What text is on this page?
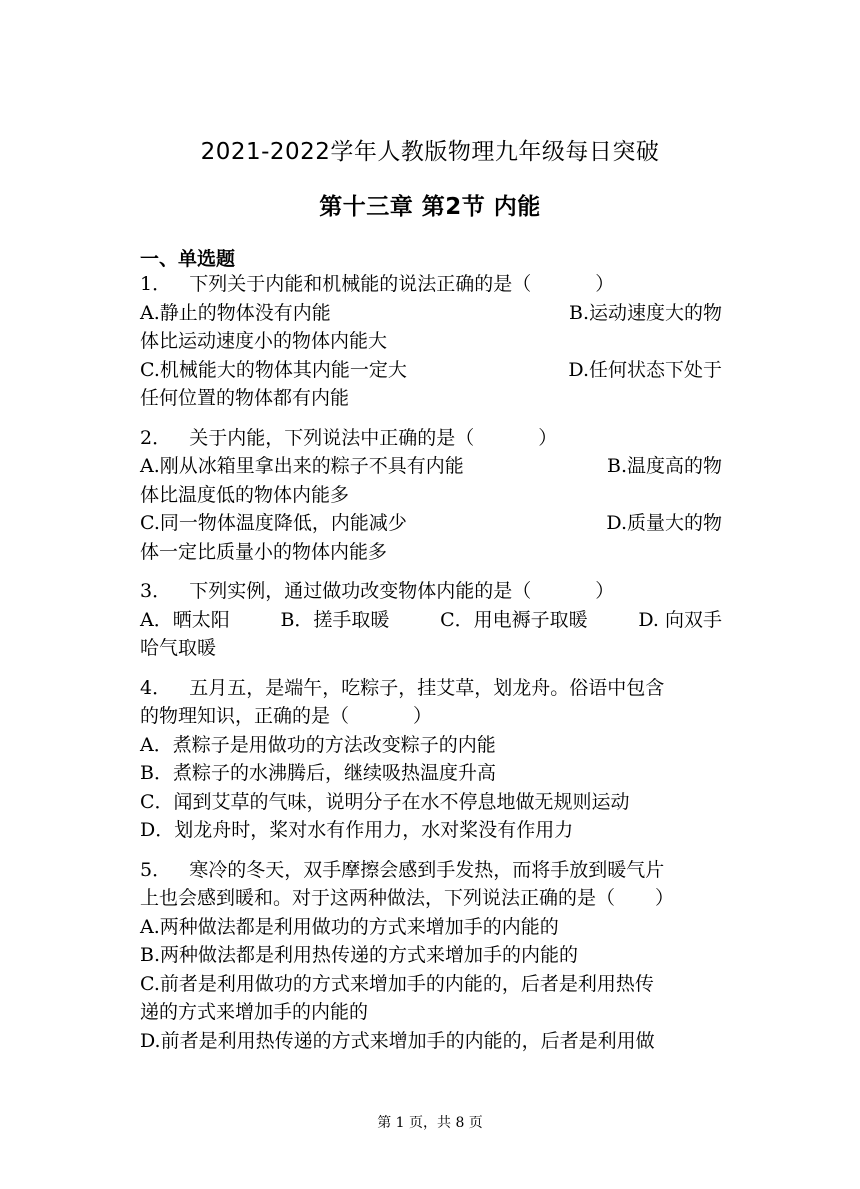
2021-2022学年人教版物理九年级每日突破
第十三章 第2节 内能
一、单选题
1． 下列关于内能和机械能的说法正确的是（	）
A.静止的物体没有内能	B.运动速度大的物
体比运动速度小的物体内能大
C.机械能大的物体其内能一定大	D.任何状态下处于
任何位置的物体都有内能
2． 关于内能，下列说法中正确的是（	）
A.刚从冰箱里拿出来的粽子不具有内能	B.温度高的物
体比温度低的物体内能多
C.同一物体温度降低，内能减少	D.质量大的物
体一定比质量小的物体内能多
3． 下列实例，通过做功改变物体内能的是（	）
A．晒太阳	B．搓手取暖	C．用电褥子取暖	D. 向双手
哈气取暖
4． 五月五，是端午，吃粽子，挂艾草，划龙舟。俗语中包含
的物理知识，正确的是（	）
A．煮粽子是用做功的方法改变粽子的内能
B．煮粽子的水沸腾后，继续吸热温度升高
C．闻到艾草的气味，说明分子在水不停息地做无规则运动
D．划龙舟时，桨对水有作用力，水对桨没有作用力
5． 寒冷的冬天，双手摩擦会感到手发热，而将手放到暖气片
上也会感到暖和。对于这两种做法，下列说法正确的是（ ）
A.两种做法都是利用做功的方式来增加手的内能的
B.两种做法都是利用热传递的方式来增加手的内能的
C.前者是利用做功的方式来增加手的内能的，后者是利用热传
递的方式来增加手的内能的
D.前者是利用热传递的方式来增加手的内能的，后者是利用做
第 1 页，共 8 页
